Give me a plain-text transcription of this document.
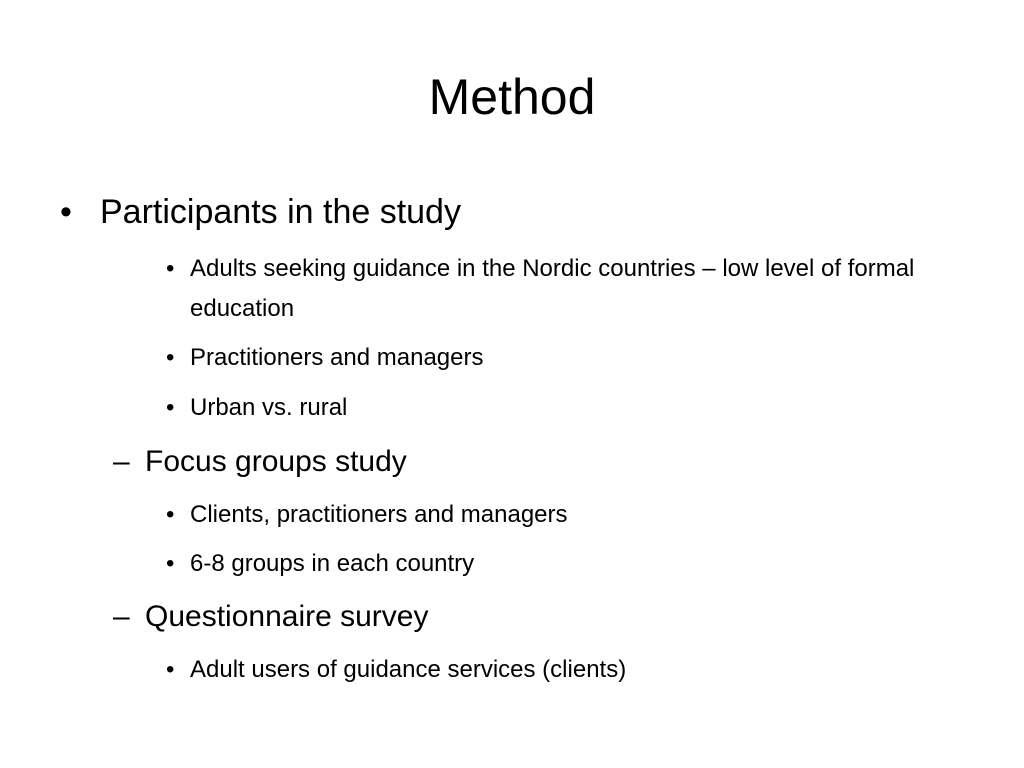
Method
• Participants in the study
• Adults seeking guidance in the Nordic countries – low level of formal education
• Practitioners and managers
• Urban vs. rural
– Focus groups study
• Clients, practitioners and managers
• 6-8 groups in each country
– Questionnaire survey
• Adult users of guidance services (clients)
